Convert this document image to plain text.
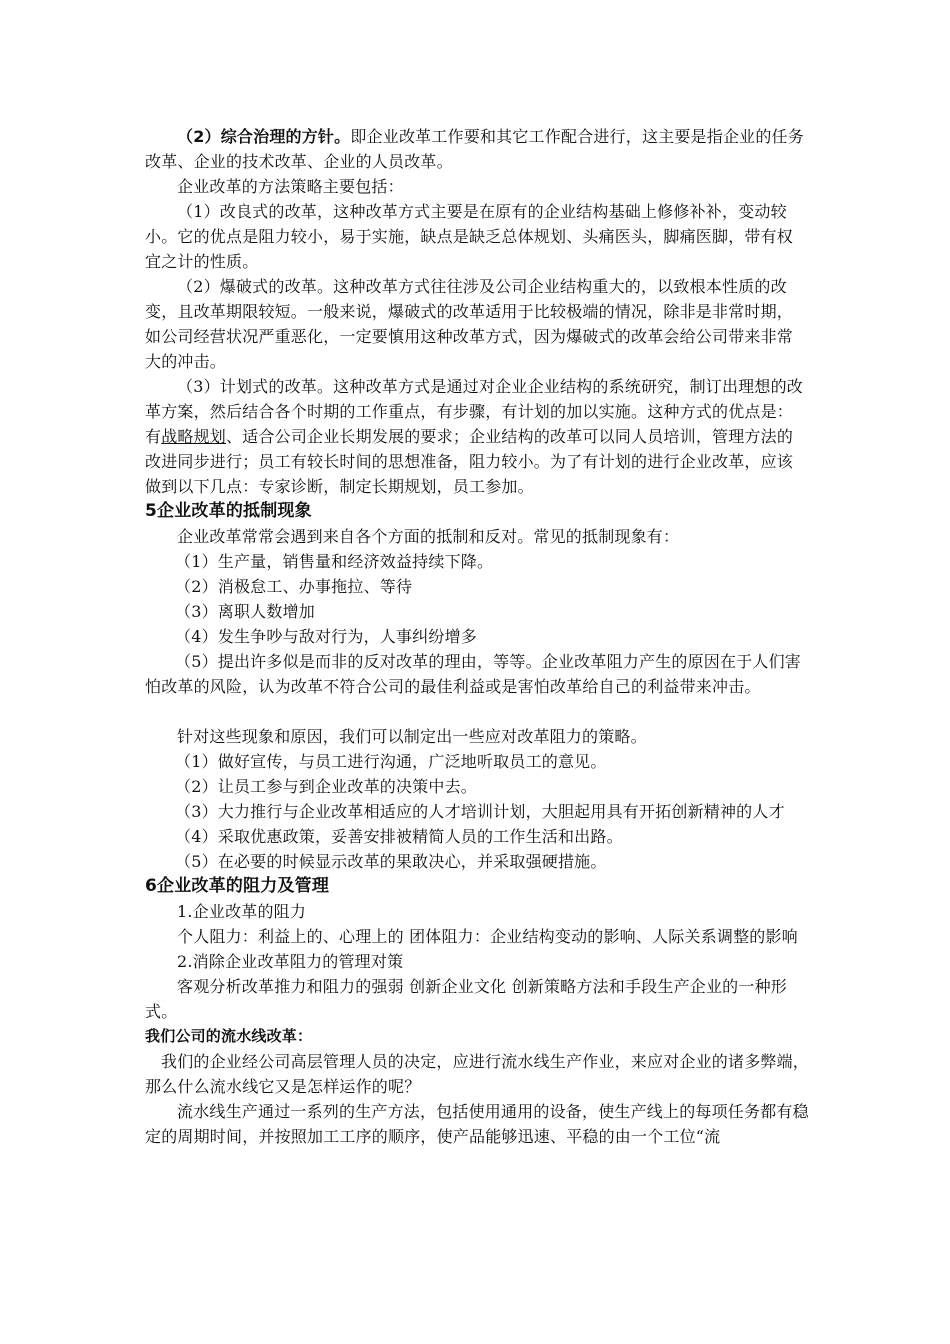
（2）综合治理的方针。即企业改革工作要和其它工作配合进行，这主要是指企业的任务改革、企业的技术改革、企业的人员改革。

企业改革的方法策略主要包括：

（1）改良式的改革，这种改革方式主要是在原有的企业结构基础上修修补补，变动较小。它的优点是阻力较小，易于实施，缺点是缺乏总体规划、头痛医头，脚痛医脚，带有权宜之计的性质。

（2）爆破式的改革。这种改革方式往往涉及公司企业结构重大的，以致根本性质的改变，且改革期限较短。一般来说，爆破式的改革适用于比较极端的情况，除非是非常时期，如公司经营状况严重恶化，一定要慎用这种改革方式，因为爆破式的改革会给公司带来非常大的冲击。

（3）计划式的改革。这种改革方式是通过对企业企业结构的系统研究，制订出理想的改革方案，然后结合各个时期的工作重点，有步骤，有计划的加以实施。这种方式的优点是：有战略规划、适合公司企业长期发展的要求；企业结构的改革可以同人员培训，管理方法的改进同步进行；员工有较长时间的思想准备，阻力较小。为了有计划的进行企业改革，应该做到以下几点：专家诊断，制定长期规划，员工参加。

5企业改革的抵制现象

企业改革常常会遇到来自各个方面的抵制和反对。常见的抵制现象有：

（1）生产量，销售量和经济效益持续下降。

（2）消极怠工、办事拖拉、等待

（3）离职人数增加

（4）发生争吵与敌对行为，人事纠纷增多

（5）提出许多似是而非的反对改革的理由，等等。企业改革阻力产生的原因在于人们害怕改革的风险，认为改革不符合公司的最佳利益或是害怕改革给自己的利益带来冲击。

针对这些现象和原因，我们可以制定出一些应对改革阻力的策略。

（1）做好宣传，与员工进行沟通，广泛地听取员工的意见。

（2）让员工参与到企业改革的决策中去。

（3）大力推行与企业改革相适应的人才培训计划，大胆起用具有开拓创新精神的人才

（4）采取优惠政策，妥善安排被精简人员的工作生活和出路。

（5）在必要的时候显示改革的果敢决心，并采取强硬措施。

6企业改革的阻力及管理

1.企业改革的阻力

个人阻力：利益上的、心理上的 团体阻力：企业结构变动的影响、人际关系调整的影响

2.消除企业改革阻力的管理对策

客观分析改革推力和阻力的强弱 创新企业文化 创新策略方法和手段生产企业的一种形式。

我们公司的流水线改革：

我们的企业经公司高层管理人员的决定，应进行流水线生产作业，来应对企业的诸多弊端，那么什么流水线它又是怎样运作的呢？

流水线生产通过一系列的生产方法，包括使用通用的设备，使生产线上的每项任务都有稳定的周期时间，并按照加工工序的顺序，使产品能够迅速、平稳的由一个工位“流
